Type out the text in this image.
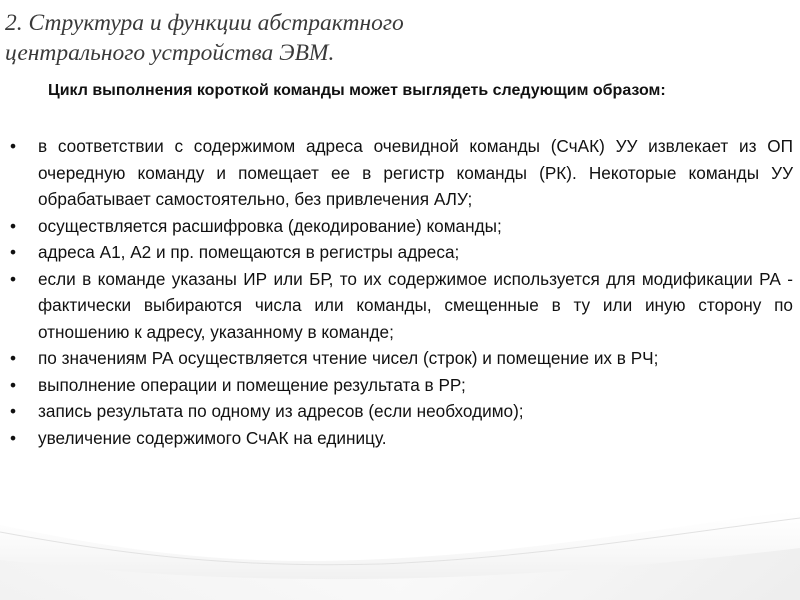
2. Структура и функции абстрактного
центрального устройства ЭВМ.

Цикл выполнения короткой команды может выглядеть следующим образом:

•	в соответствии с содержимом адреса очевидной команды (СчАК) УУ извлекает из ОП очередную команду и помещает ее в регистр команды (РК). Некоторые команды УУ обрабатывает самостоятельно, без привлечения АЛУ;
•	осуществляется расшифровка (декодирование) команды;
•	адреса А1, А2 и пр. помещаются в регистры адреса;
•	если в команде указаны ИР или БР, то их содержимое используется для модификации РА - фактически выбираются числа или команды, смещенные в ту или иную сторону по отношению к адресу, указанному в команде;
•	по значениям РА осуществляется чтение чисел (строк) и помещение их в РЧ;
•	выполнение операции и помещение результата в РР;
•	запись результата по одному из адресов (если необходимо);
•	увеличение содержимого СчАК на единицу.
